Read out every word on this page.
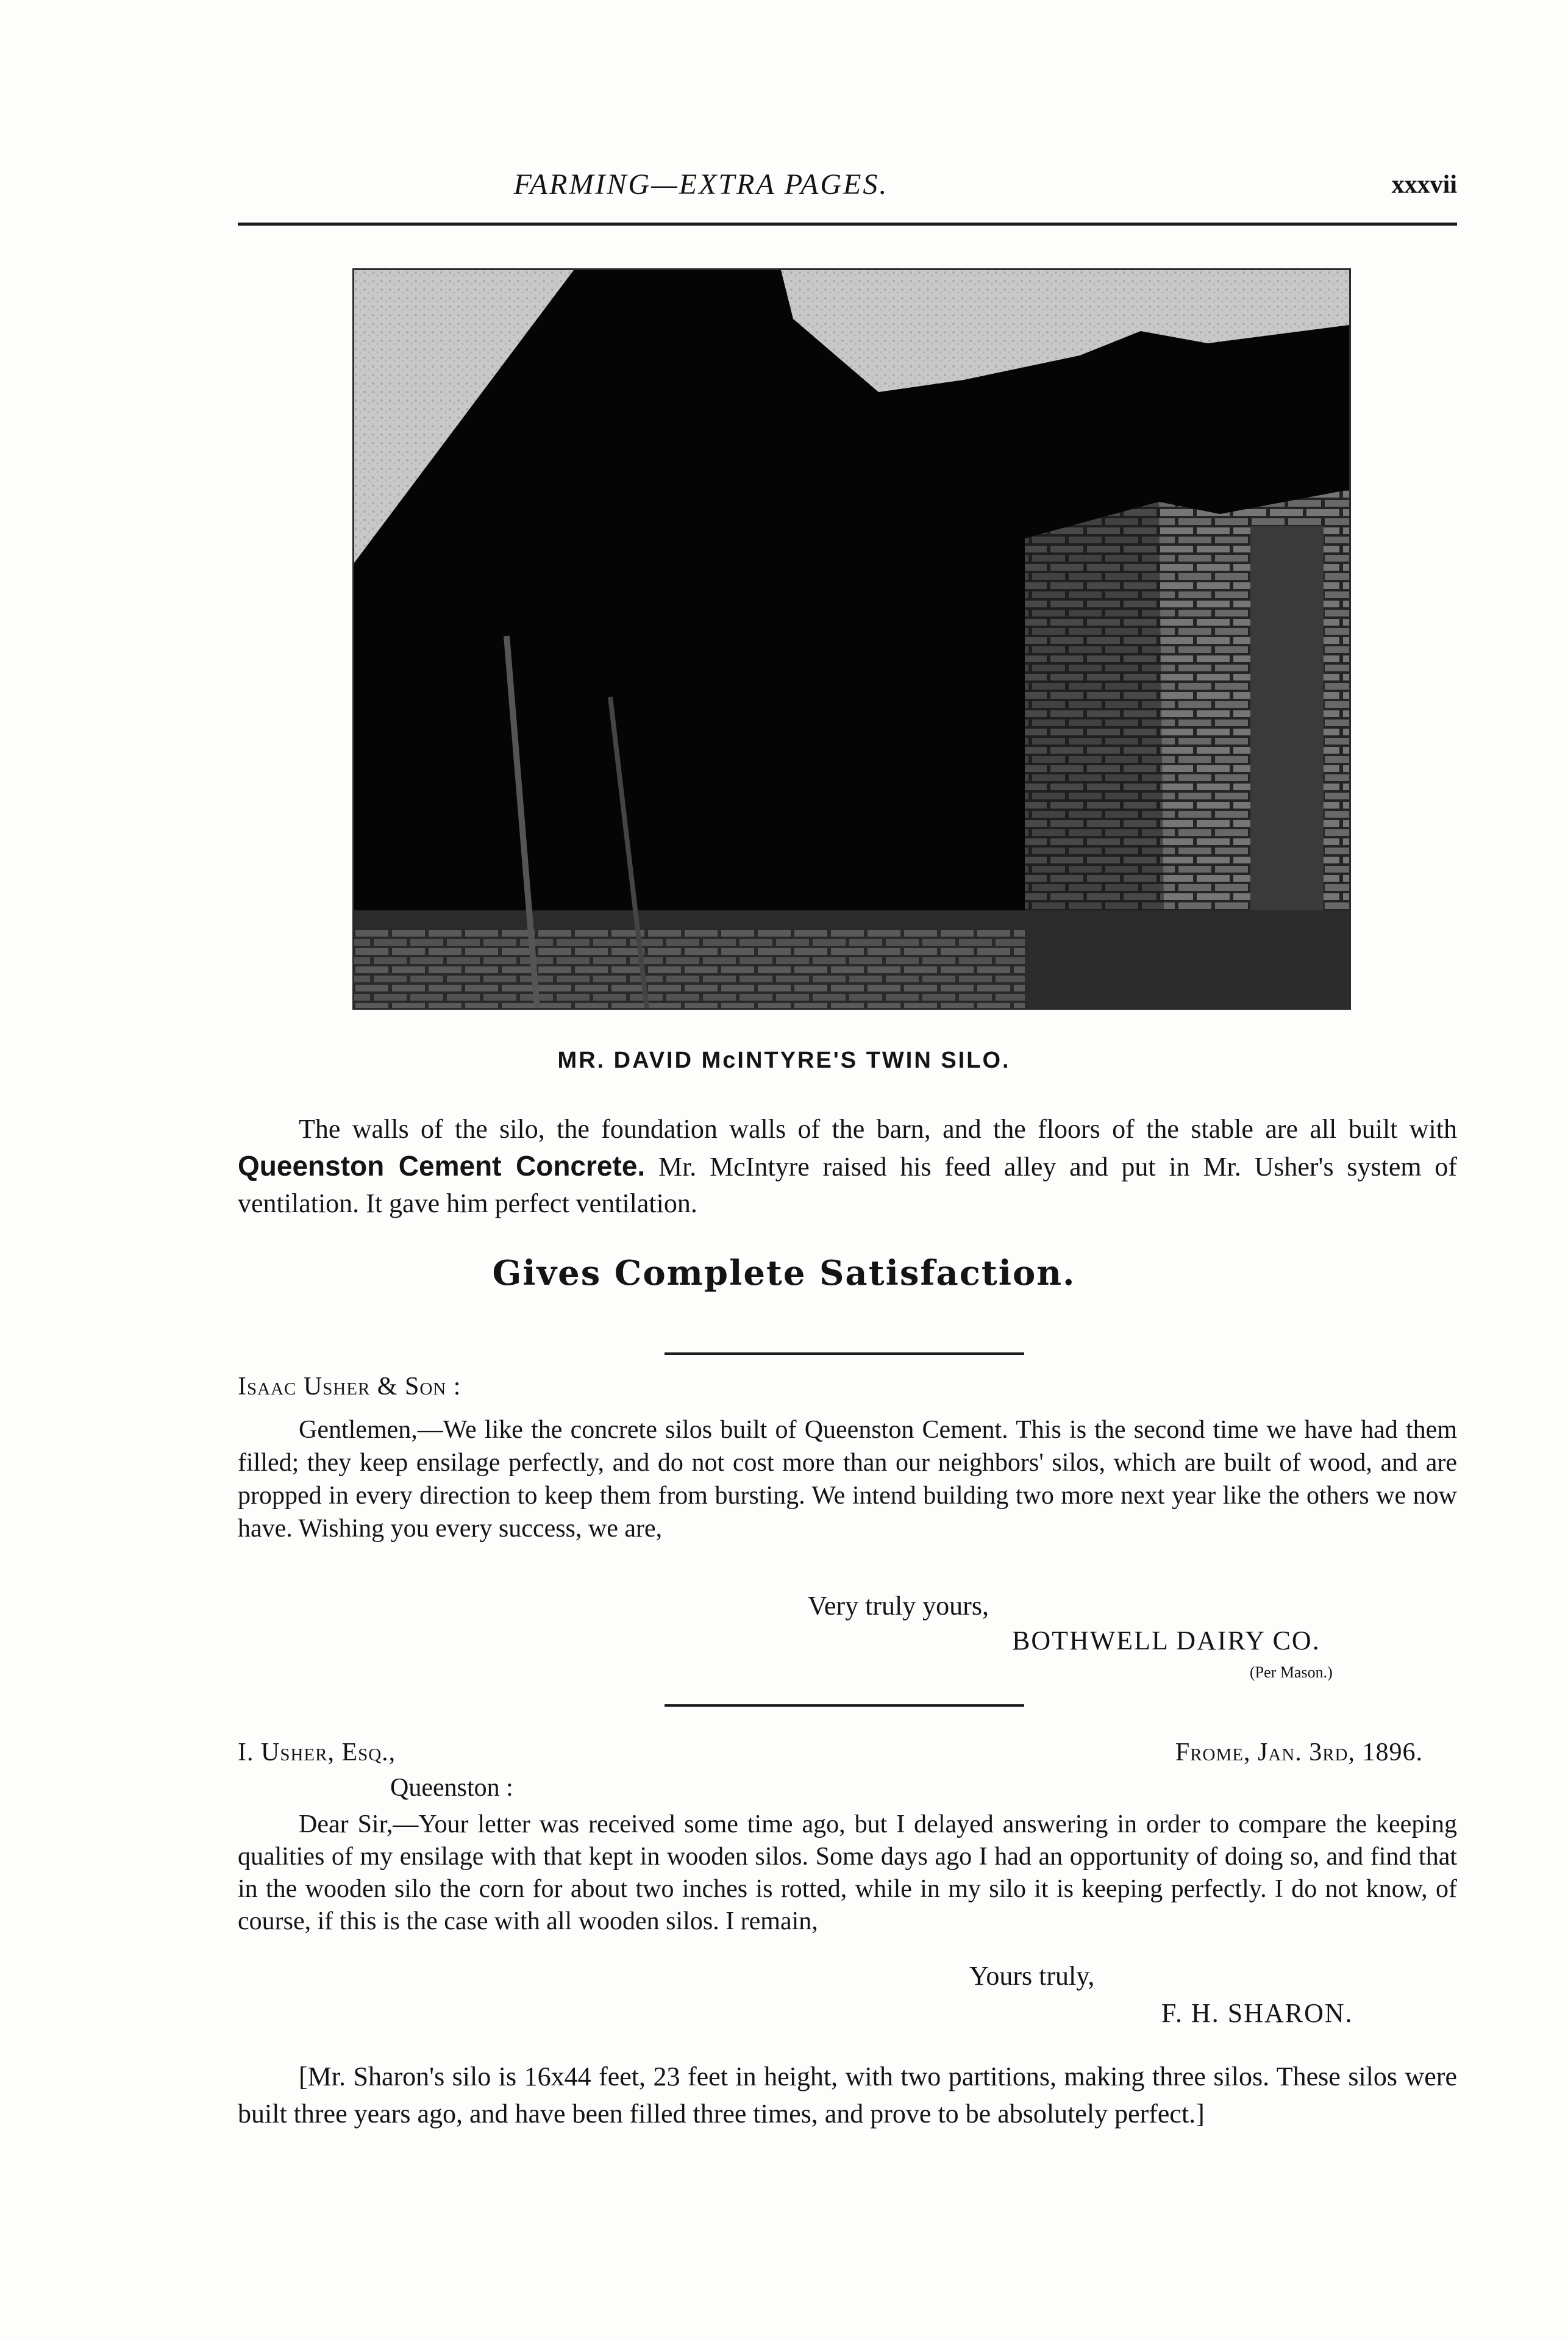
FARMING—EXTRA PAGES.	xxxvii
MR. DAVID McINTYRE'S TWIN SILO.
The walls of the silo, the foundation walls of the barn, and the floors of the stable are all built with Queenston Cement Concrete. Mr. McIntyre raised his feed alley and put in Mr. Usher's system of ventilation. It gave him perfect ventilation.
Gives Complete Satisfaction.
Isaac Usher & Son :
Gentlemen,—We like the concrete silos built of Queenston Cement. This is the second time we have had them filled; they keep ensilage perfectly, and do not cost more than our neighbors' silos, which are built of wood, and are propped in every direction to keep them from bursting. We intend building two more next year like the others we now have. Wishing you every success, we are,
Very truly yours,
BOTHWELL DAIRY CO.
(Per Mason.)
I. Usher, Esq.,
Queenston :
Frome, Jan. 3rd, 1896.
Dear Sir,—Your letter was received some time ago, but I delayed answering in order to compare the keeping qualities of my ensilage with that kept in wooden silos. Some days ago I had an opportunity of doing so, and find that in the wooden silo the corn for about two inches is rotted, while in my silo it is keeping perfectly. I do not know, of course, if this is the case with all wooden silos. I remain,
Yours truly,
F. H. SHARON.
[Mr. Sharon's silo is 16x44 feet, 23 feet in height, with two partitions, making three silos. These silos were built three years ago, and have been filled three times, and prove to be absolutely perfect.]
